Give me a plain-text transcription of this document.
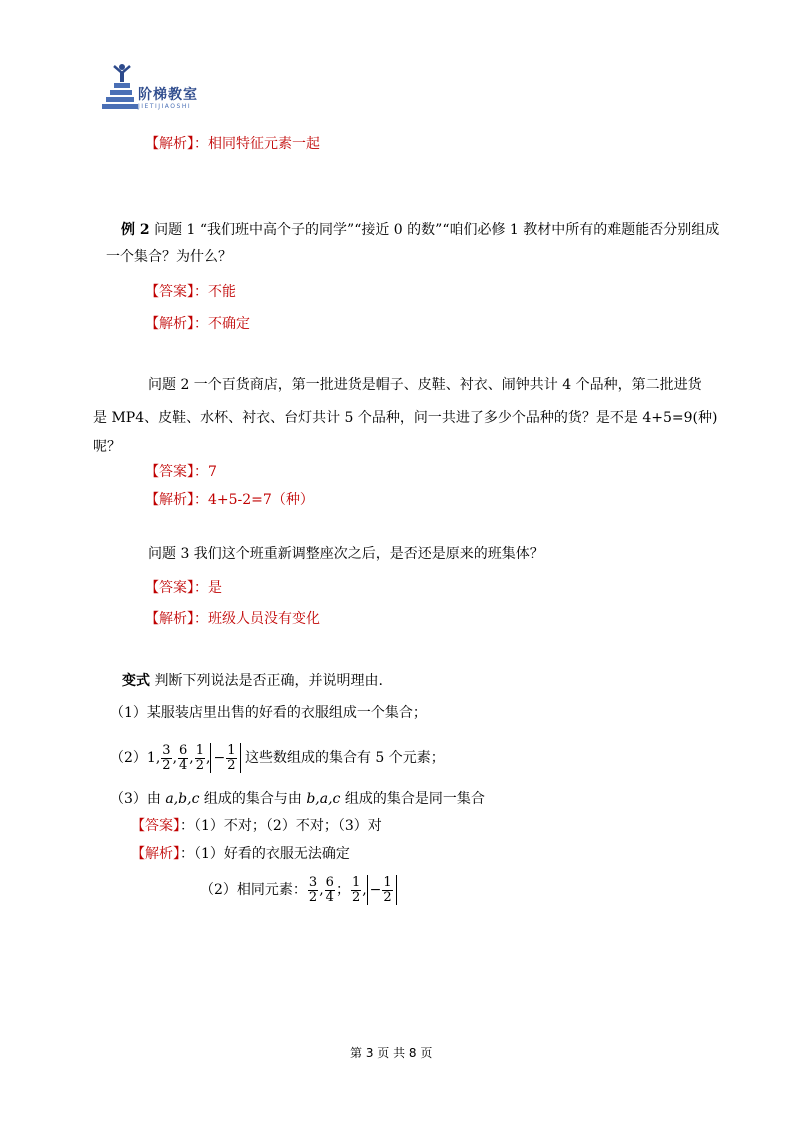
阶梯教室
JIETIJIAOSHI
【解析】：相同特征元素一起
例 2 问题 1 “我们班中高个子的同学”“接近 0 的数”“咱们必修 1 教材中所有的难题能否分别组成
一个集合？为什么？
【答案】：不能
【解析】：不确定
问题 2 一个百货商店，第一批进货是帽子、皮鞋、衬衣、闹钟共计 4 个品种，第二批进货
是 MP4、皮鞋、水杯、衬衣、台灯共计 5 个品种，问一共进了多少个品种的货？是不是 4+5=9(种)
呢？
【答案】：7
【解析】：4+5-2=7（种）
问题 3 我们这个班重新调整座次之后，是否还是原来的班集体？
【答案】：是
【解析】：班级人员没有变化
变式 判断下列说法是否正确，并说明理由.
（1）某服装店里出售的好看的衣服组成一个集合；
（2）1, $\frac{3}{2}$ , $\frac{6}{4}$ , $\frac{1}{2}$ , − $\frac{1}{2}$ 这些数组成的集合有 5 个元素；
（3）由 a,b,c 组成的集合与由 b,a,c 组成的集合是同一集合
【答案】：（1）不对；（2）不对；（3）对
【解析】：（1）好看的衣服无法确定
（2）相同元素： $\frac{3}{2}$ , $\frac{6}{4}$ ； $\frac{1}{2}$ , − $\frac{1}{2}$
第 3 页 共 8 页
